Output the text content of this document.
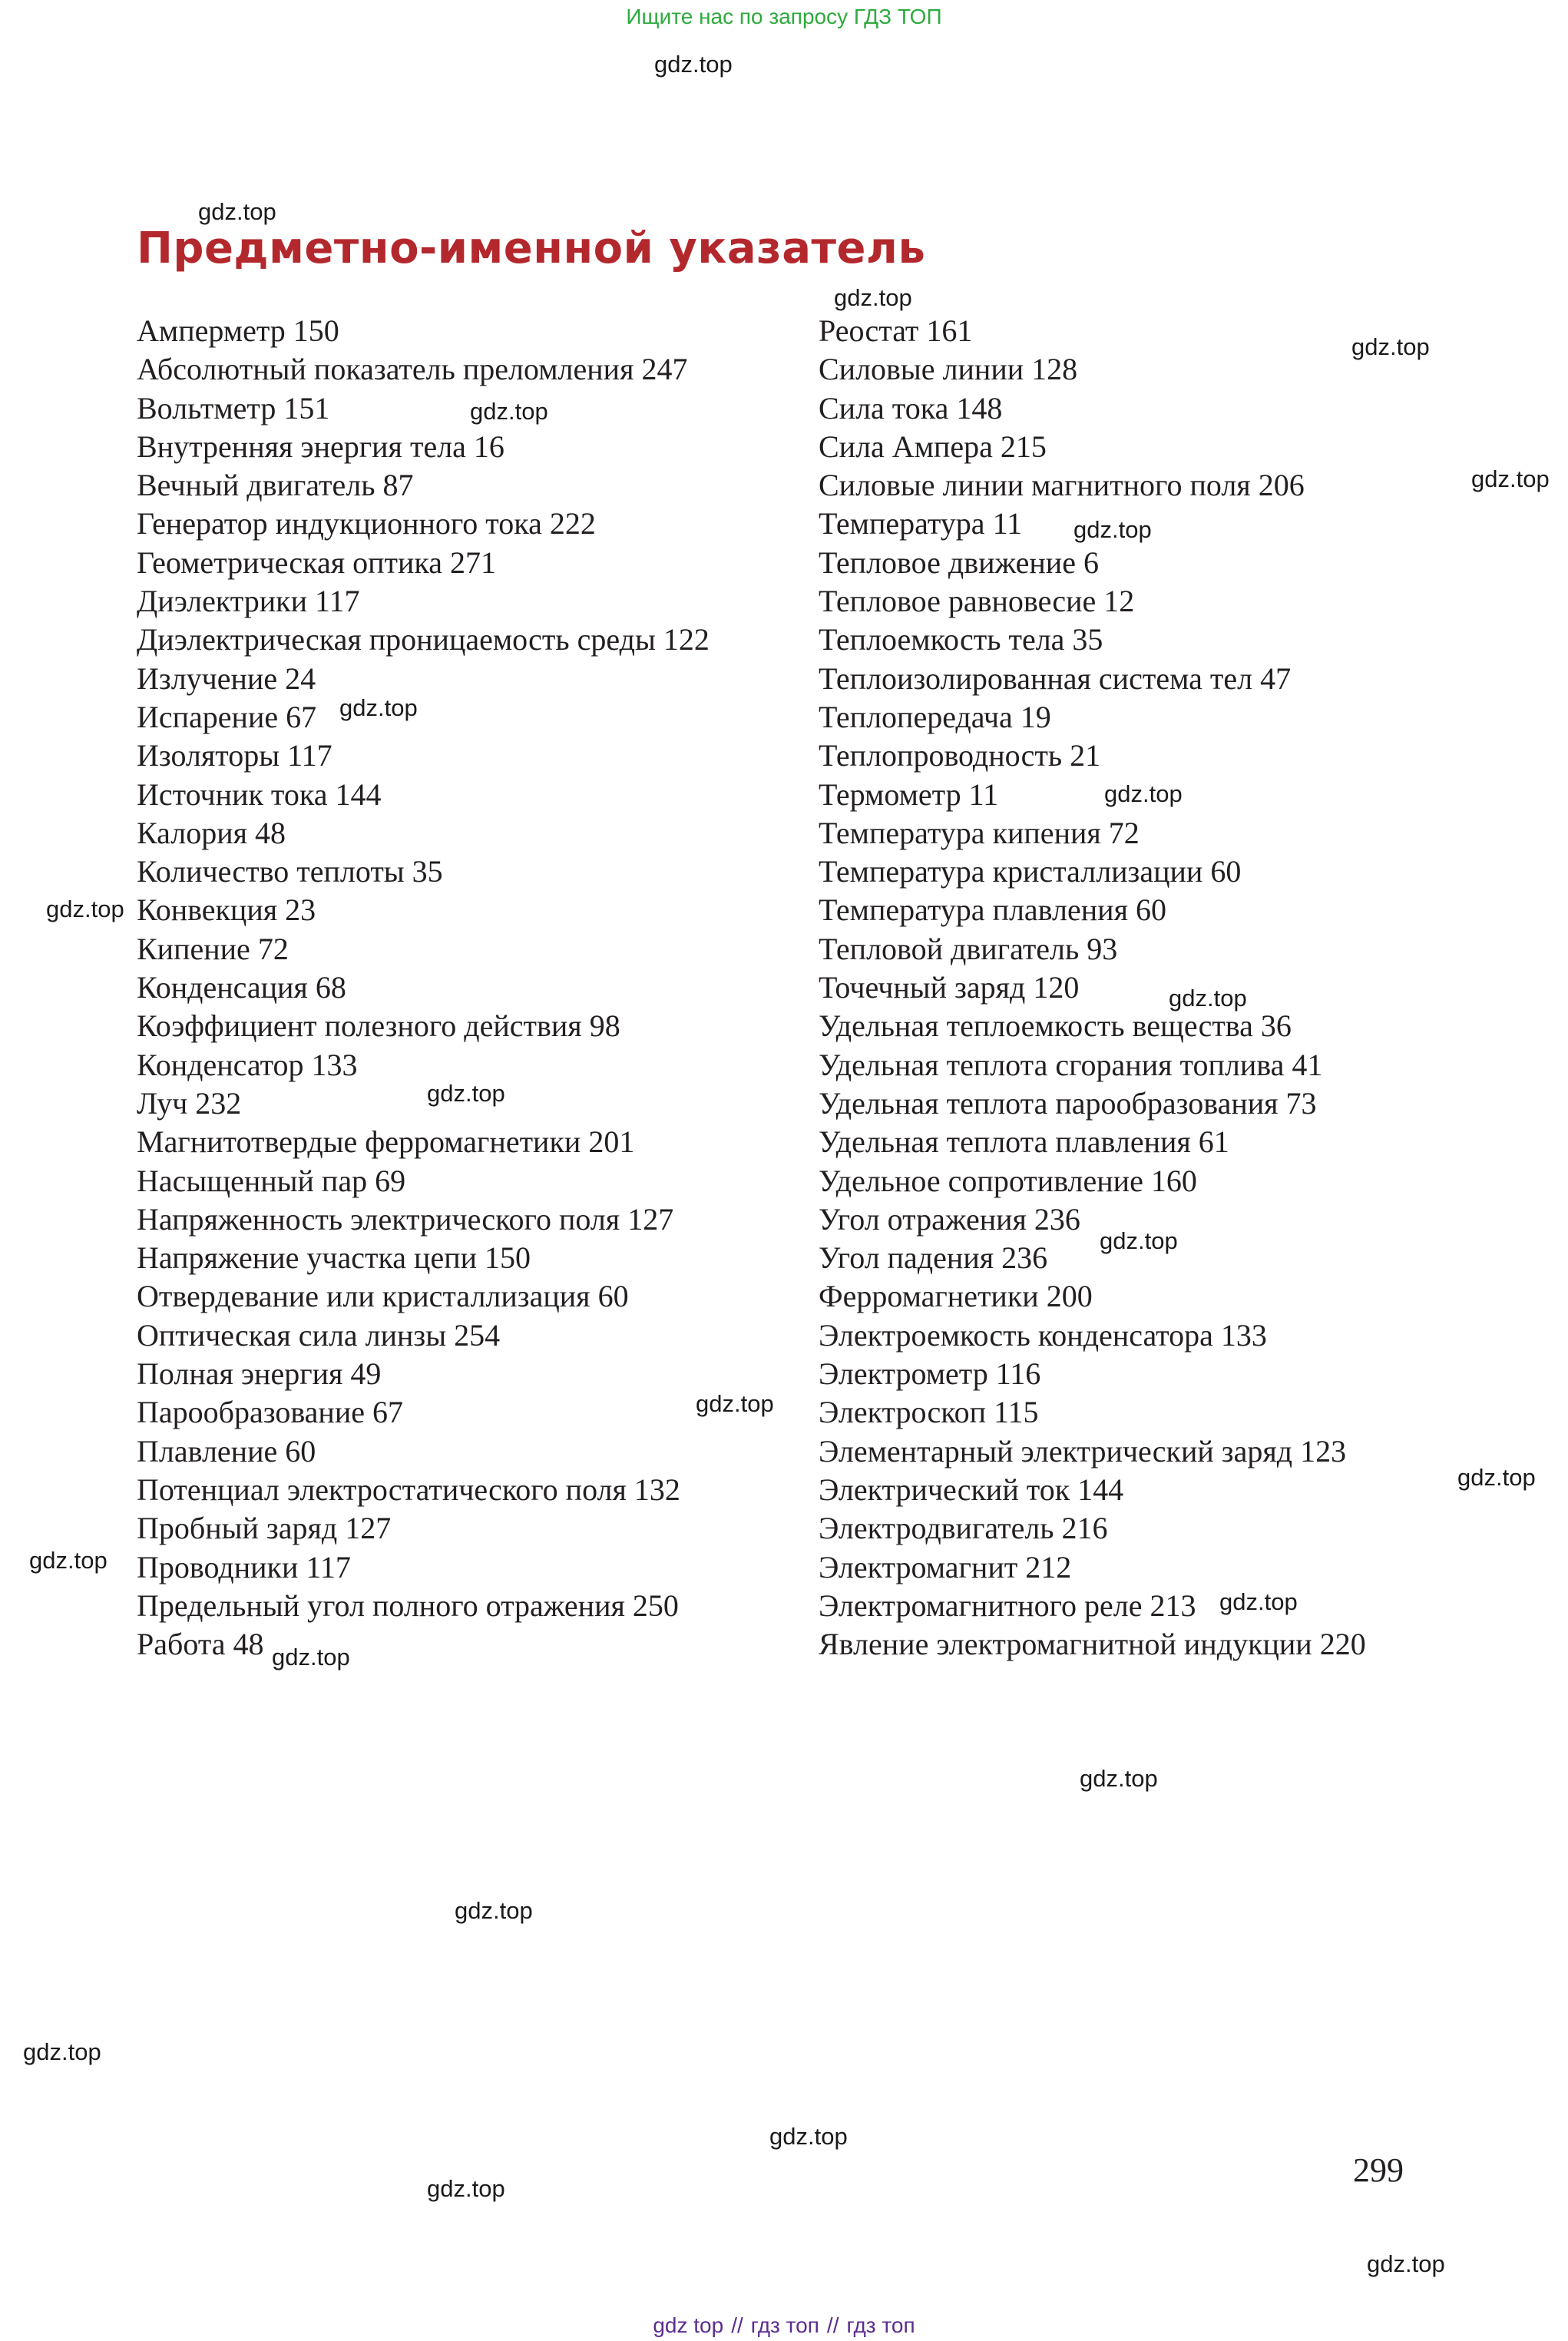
Ищите нас по запросу ГДЗ ТОП
Предметно-именной указатель
Амперметр 150
Абсолютный показатель преломления 247
Вольтметр 151
Внутренняя энергия тела 16
Вечный двигатель 87
Генератор индукционного тока 222
Геометрическая оптика 271
Диэлектрики 117
Диэлектрическая проницаемость среды 122
Излучение 24
Испарение 67
Изоляторы 117
Источник тока 144
Калория 48
Количество теплоты 35
Конвекция 23
Кипение 72
Конденсация 68
Коэффициент полезного действия 98
Конденсатор 133
Луч 232
Магнитотвердые ферромагнетики 201
Насыщенный пар 69
Напряженность электрического поля 127
Напряжение участка цепи 150
Отвердевание или кристаллизация 60
Оптическая сила линзы 254
Полная энергия 49
Парообразование 67
Плавление 60
Потенциал электростатического поля 132
Пробный заряд 127
Проводники 117
Предельный угол полного отражения 250
Работа 48
Реостат 161
Силовые линии 128
Сила тока 148
Сила Ампера 215
Силовые линии магнитного поля 206
Температура 11
Тепловое движение 6
Тепловое равновесие 12
Теплоемкость тела 35
Теплоизолированная система тел 47
Теплопередача 19
Теплопроводность 21
Термометр 11
Температура кипения 72
Температура кристаллизации 60
Температура плавления 60
Тепловой двигатель 93
Точечный заряд 120
Удельная теплоемкость вещества 36
Удельная теплота сгорания топлива 41
Удельная теплота парообразования 73
Удельная теплота плавления 61
Удельное сопротивление 160
Угол отражения 236
Угол падения 236
Ферромагнетики 200
Электроемкость конденсатора 133
Электрометр 116
Электроскоп 115
Элементарный электрический заряд 123
Электрический ток 144
Электродвигатель 216
Электромагнит 212
Электромагнитного реле 213
Явление электромагнитной индукции 220
299
gdz.top
gdz.top
gdz.top
gdz.top
gdz.top
gdz.top
gdz.top
gdz.top
gdz.top
gdz.top
gdz.top
gdz.top
gdz.top
gdz.top
gdz.top
gdz.top
gdz.top
gdz.top
gdz.top
gdz.top
gdz.top
gdz.top
gdz.top
gdz.top
gdz top // гдз топ // гдз топ
